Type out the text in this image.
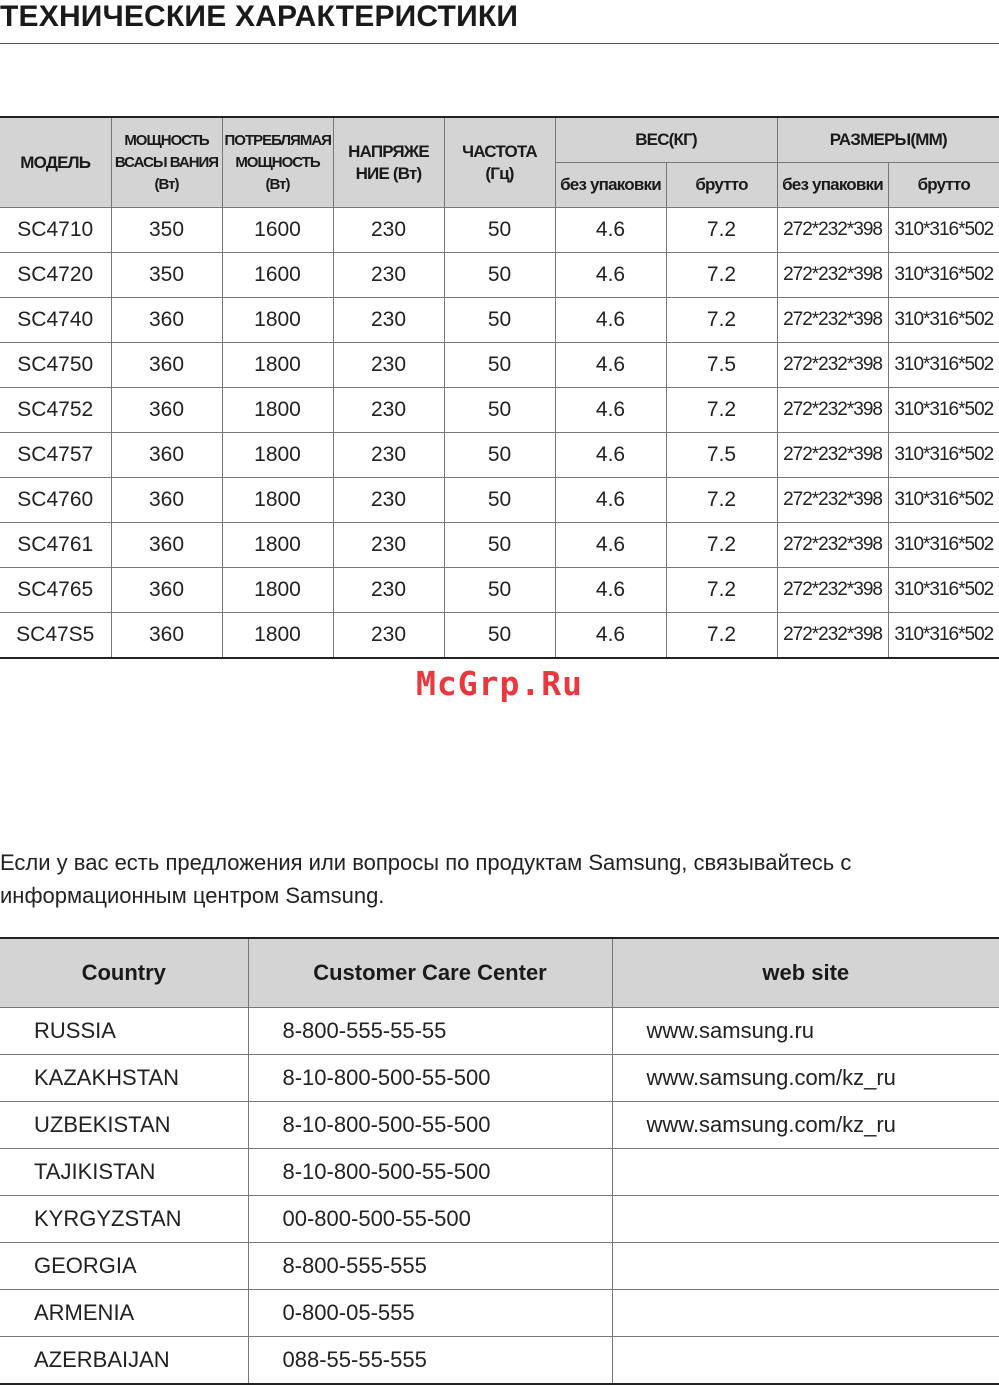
ТЕХНИЧЕСКИЕ ХАРАКТЕРИСТИКИ
МОДЕЛЬ	МОЩНОСТЬ ВСАСЫ ВАНИЯ (Вт)	ПОТРЕБЛЯМАЯ МОЩНОСТЬ (Вт)	НАПРЯЖЕ НИЕ (Вт)	ЧАСТОТА (Гц)	ВЕС(КГ)		РАЗМЕРЫ(ММ)	
					без упаковки	брутто	без упаковки	брутто
SC4710	350	1600	230	50	4.6	7.2	272*232*398	310*316*502
SC4720	350	1600	230	50	4.6	7.2	272*232*398	310*316*502
SC4740	360	1800	230	50	4.6	7.2	272*232*398	310*316*502
SC4750	360	1800	230	50	4.6	7.5	272*232*398	310*316*502
SC4752	360	1800	230	50	4.6	7.2	272*232*398	310*316*502
SC4757	360	1800	230	50	4.6	7.5	272*232*398	310*316*502
SC4760	360	1800	230	50	4.6	7.2	272*232*398	310*316*502
SC4761	360	1800	230	50	4.6	7.2	272*232*398	310*316*502
SC4765	360	1800	230	50	4.6	7.2	272*232*398	310*316*502
SC47S5	360	1800	230	50	4.6	7.2	272*232*398	310*316*502
McGrp.Ru

Если у вас есть предложения или вопросы по продуктам Samsung, связывайтесь с информационным центром Samsung.

Country	Customer Care Center	web site
RUSSIA	8-800-555-55-55	www.samsung.ru
KAZAKHSTAN	8-10-800-500-55-500	www.samsung.com/kz_ru
UZBEKISTAN	8-10-800-500-55-500	www.samsung.com/kz_ru
TAJIKISTAN	8-10-800-500-55-500	
KYRGYZSTAN	00-800-500-55-500	
GEORGIA	8-800-555-555	
ARMENIA	0-800-05-555	
AZERBAIJAN	088-55-55-555	
